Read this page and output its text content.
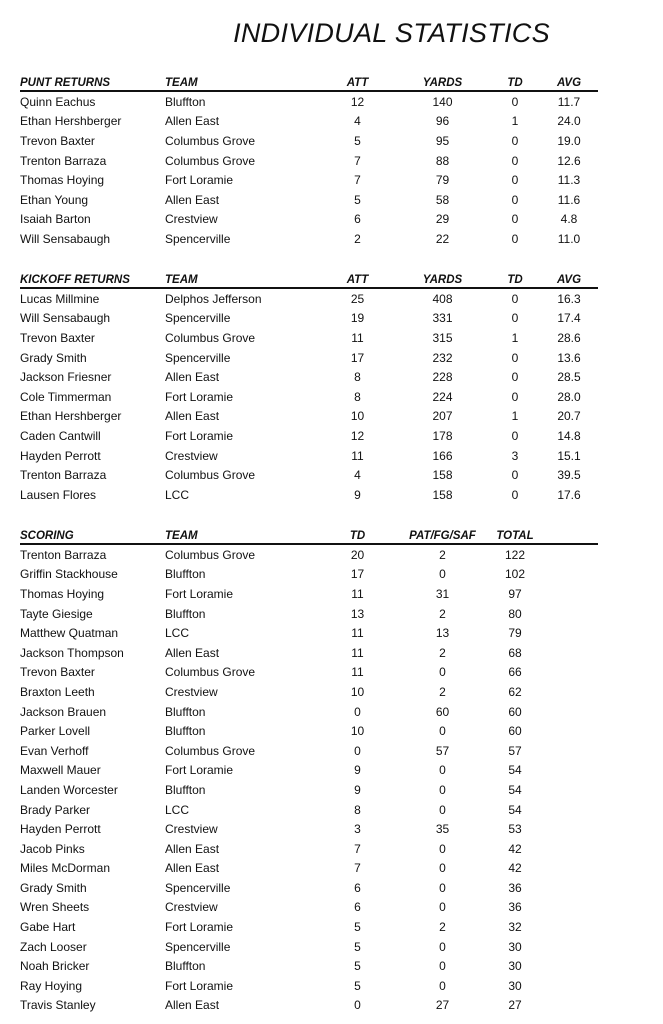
INDIVIDUAL STATISTICS
PUNT RETURNS	TEAM	ATT	YARDS	TD	AVG
Quinn Eachus	Bluffton	12	140	0	11.7
Ethan Hershberger	Allen East	4	96	1	24.0
Trevon Baxter	Columbus Grove	5	95	0	19.0
Trenton Barraza	Columbus Grove	7	88	0	12.6
Thomas Hoying	Fort Loramie	7	79	0	11.3
Ethan Young	Allen East	5	58	0	11.6
Isaiah Barton	Crestview	6	29	0	4.8
Will Sensabaugh	Spencerville	2	22	0	11.0
KICKOFF RETURNS	TEAM	ATT	YARDS	TD	AVG
Lucas Millmine	Delphos Jefferson	25	408	0	16.3
Will Sensabaugh	Spencerville	19	331	0	17.4
Trevon Baxter	Columbus Grove	11	315	1	28.6
Grady Smith	Spencerville	17	232	0	13.6
Jackson Friesner	Allen East	8	228	0	28.5
Cole Timmerman	Fort Loramie	8	224	0	28.0
Ethan Hershberger	Allen East	10	207	1	20.7
Caden Cantwill	Fort Loramie	12	178	0	14.8
Hayden Perrott	Crestview	11	166	3	15.1
Trenton Barraza	Columbus Grove	4	158	0	39.5
Lausen Flores	LCC	9	158	0	17.6
SCORING	TEAM	TD	PAT/FG/SAF	TOTAL	
Trenton Barraza	Columbus Grove	20	2	122	
Griffin Stackhouse	Bluffton	17	0	102	
Thomas Hoying	Fort Loramie	11	31	97	
Tayte Giesige	Bluffton	13	2	80	
Matthew Quatman	LCC	11	13	79	
Jackson Thompson	Allen East	11	2	68	
Trevon Baxter	Columbus Grove	11	0	66	
Braxton Leeth	Crestview	10	2	62	
Jackson Brauen	Bluffton	0	60	60	
Parker Lovell	Bluffton	10	0	60	
Evan Verhoff	Columbus Grove	0	57	57	
Maxwell Mauer	Fort Loramie	9	0	54	
Landen Worcester	Bluffton	9	0	54	
Brady Parker	LCC	8	0	54	
Hayden Perrott	Crestview	3	35	53	
Jacob Pinks	Allen East	7	0	42	
Miles McDorman	Allen East	7	0	42	
Grady Smith	Spencerville	6	0	36	
Wren Sheets	Crestview	6	0	36	
Gabe Hart	Fort Loramie	5	2	32	
Zach Looser	Spencerville	5	0	30	
Noah Bricker	Bluffton	5	0	30	
Ray Hoying	Fort Loramie	5	0	30	
Travis Stanley	Allen East	0	27	27	
